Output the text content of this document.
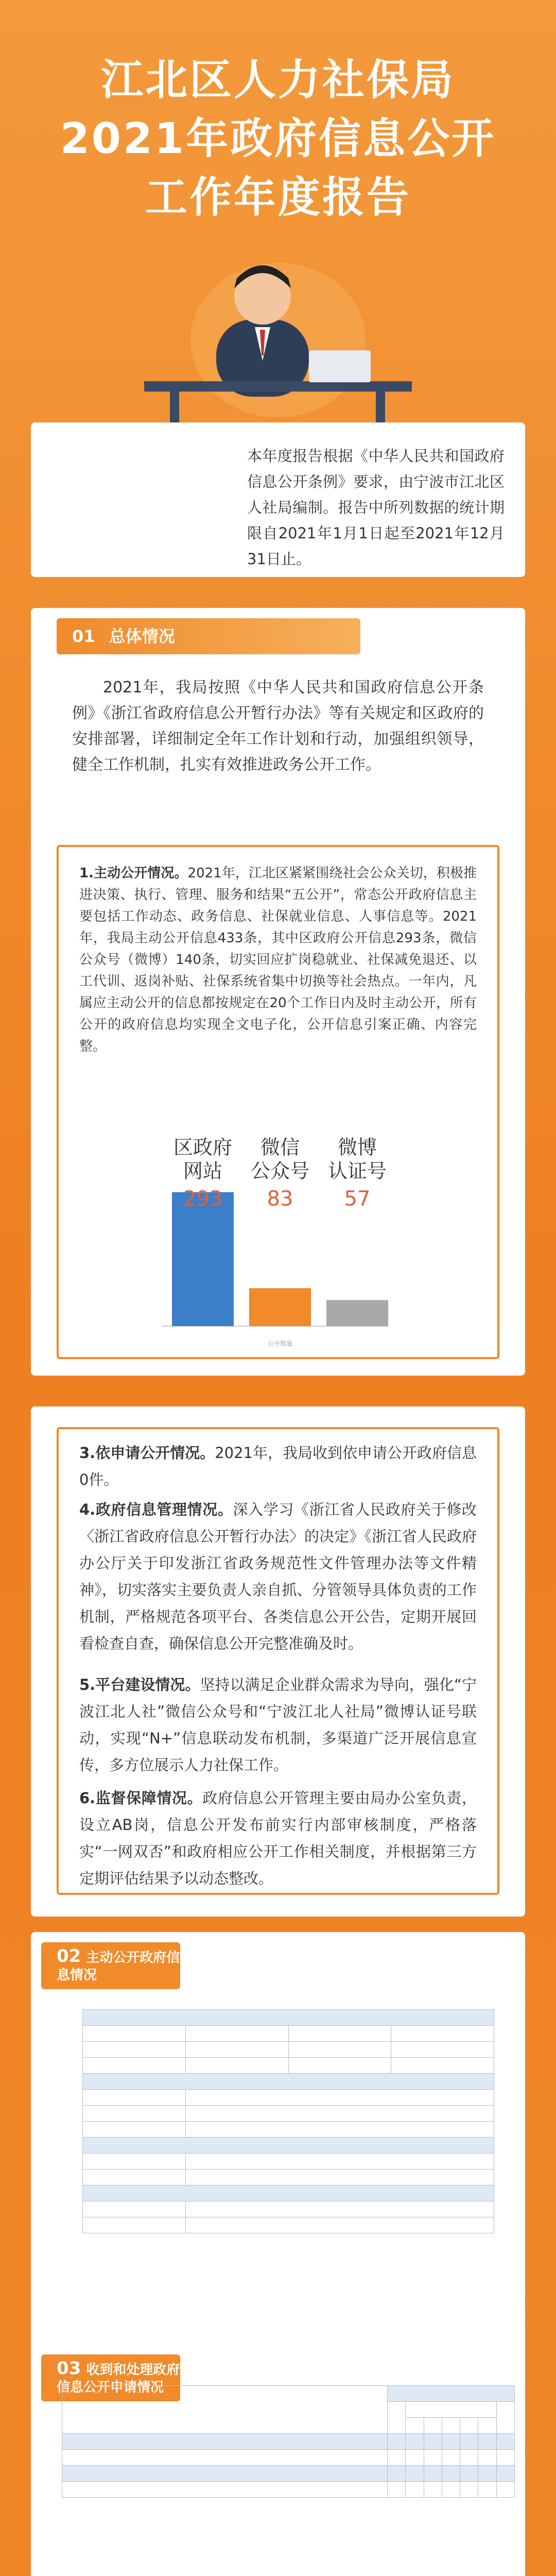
江北区人力社保局
2021年政府信息公开
工作年度报告
本年度报告根据《中华人民共和国政府信息公开条例》要求，由宁波市江北区人社局编制。报告中所列数据的统计期限自2021年1月1日起至2021年12月31日止。
01 总体情况
2021年，我局按照《中华人民共和国政府信息公开条例》《浙江省政府信息公开暂行办法》等有关规定和区政府的安排部署，详细制定全年工作计划和行动，加强组织领导，健全工作机制，扎实有效推进政务公开工作。
1.主动公开情况。2021年，江北区紧紧围绕社会公众关切，积极推进决策、执行、管理、服务和结果“五公开”，常态公开政府信息主要包括工作动态、政务信息、社保就业信息、人事信息等。2021年，我局主动公开信息433条，其中区政府公开信息293条，微信公众号（微博）140条，切实回应扩岗稳就业、社保减免退还、以工代训、返岗补贴、社保系统省集中切换等社会热点。一年内，凡属应主动公开的信息都按规定在20个工作日内及时主动公开，所有公开的政府信息均实现全文电子化，公开信息引案正确、内容完整。
区政府
网站
微信
公众号
微博
认证号
293	83	57
公开数量
3.依申请公开情况。2021年，我局收到依申请公开政府信息0件。
4.政府信息管理情况。深入学习《浙江省人民政府关于修改〈浙江省政府信息公开暂行办法〉的决定》《浙江省人民政府办公厅关于印发浙江省政务规范性文件管理办法等文件精神》，切实落实主要负责人亲自抓、分管领导具体负责的工作机制，严格规范各项平台、各类信息公开公告，定期开展回看检查自查，确保信息公开完整准确及时。
5.平台建设情况。坚持以满足企业群众需求为导向，强化“宁波江北人社”微信公众号和“宁波江北人社局”微博认证号联动，实现“N+”信息联动发布机制，多渠道广泛开展信息宣传，多方位展示人力社保工作。
6.监督保障情况。政府信息公开管理主要由局办公室负责，设立AB岗，信息公开发布前实行内部审核制度，严格落实“一网双否”和政府相应公开工作相关制度，并根据第三方定期评估结果予以动态整改。
02 主动公开政府信息情况

03 收到和处理政府信息公开申请情况
